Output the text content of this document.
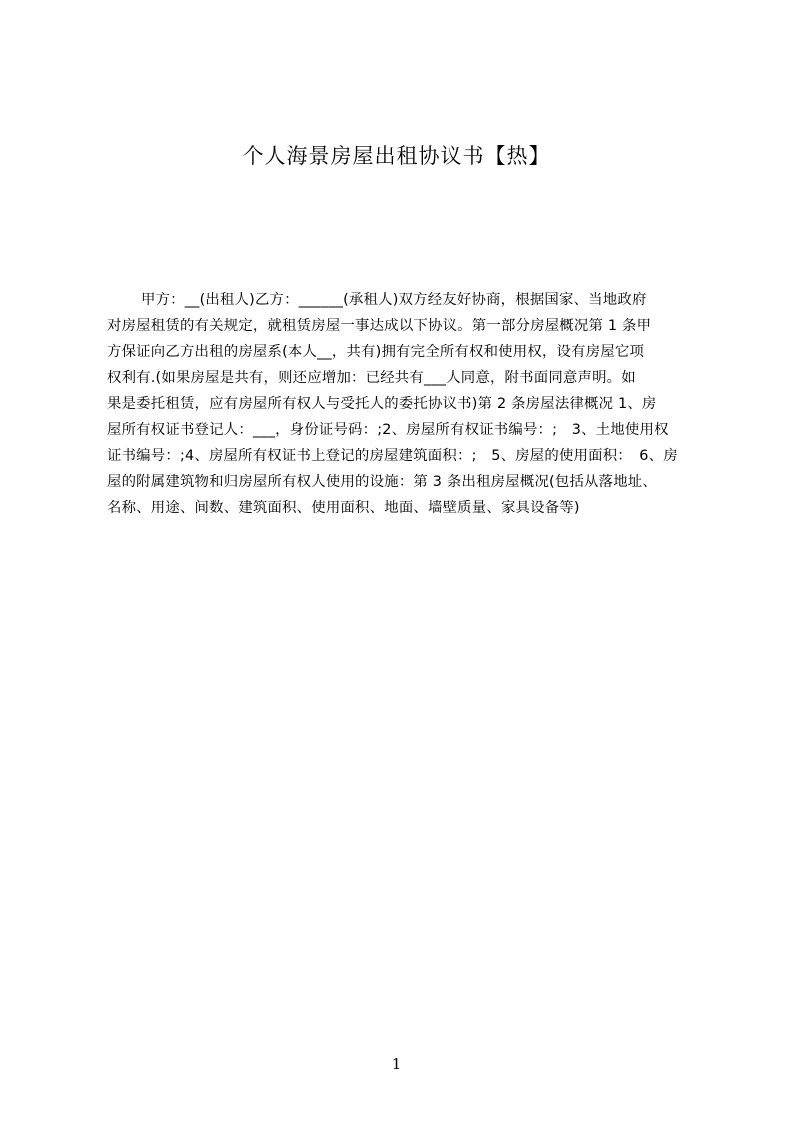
个人海景房屋出租协议书【热】
甲方：__(出租人)乙方：______(承租人)双方经友好协商，根据国家、当地政府
对房屋租赁的有关规定，就租赁房屋一事达成以下协议。第一部分房屋概况第 1 条甲
方保证向乙方出租的房屋系(本人__，共有)拥有完全所有权和使用权，设有房屋它项
权利有.(如果房屋是共有，则还应增加：已经共有___人同意，附书面同意声明。如
果是委托租赁，应有房屋所有权人与受托人的委托协议书)第 2 条房屋法律概况 1、房
屋所有权证书登记人：___，身份证号码：;2、房屋所有权证书编号：;　3、土地使用权
证书编号：;4、房屋所有权证书上登记的房屋建筑面积：;　5、房屋的使用面积：　6、房
屋的附属建筑物和归房屋所有权人使用的设施：第 3 条出租房屋概况(包括从落地址、
名称、用途、间数、建筑面积、使用面积、地面、墙壁质量、家具设备等)
1
